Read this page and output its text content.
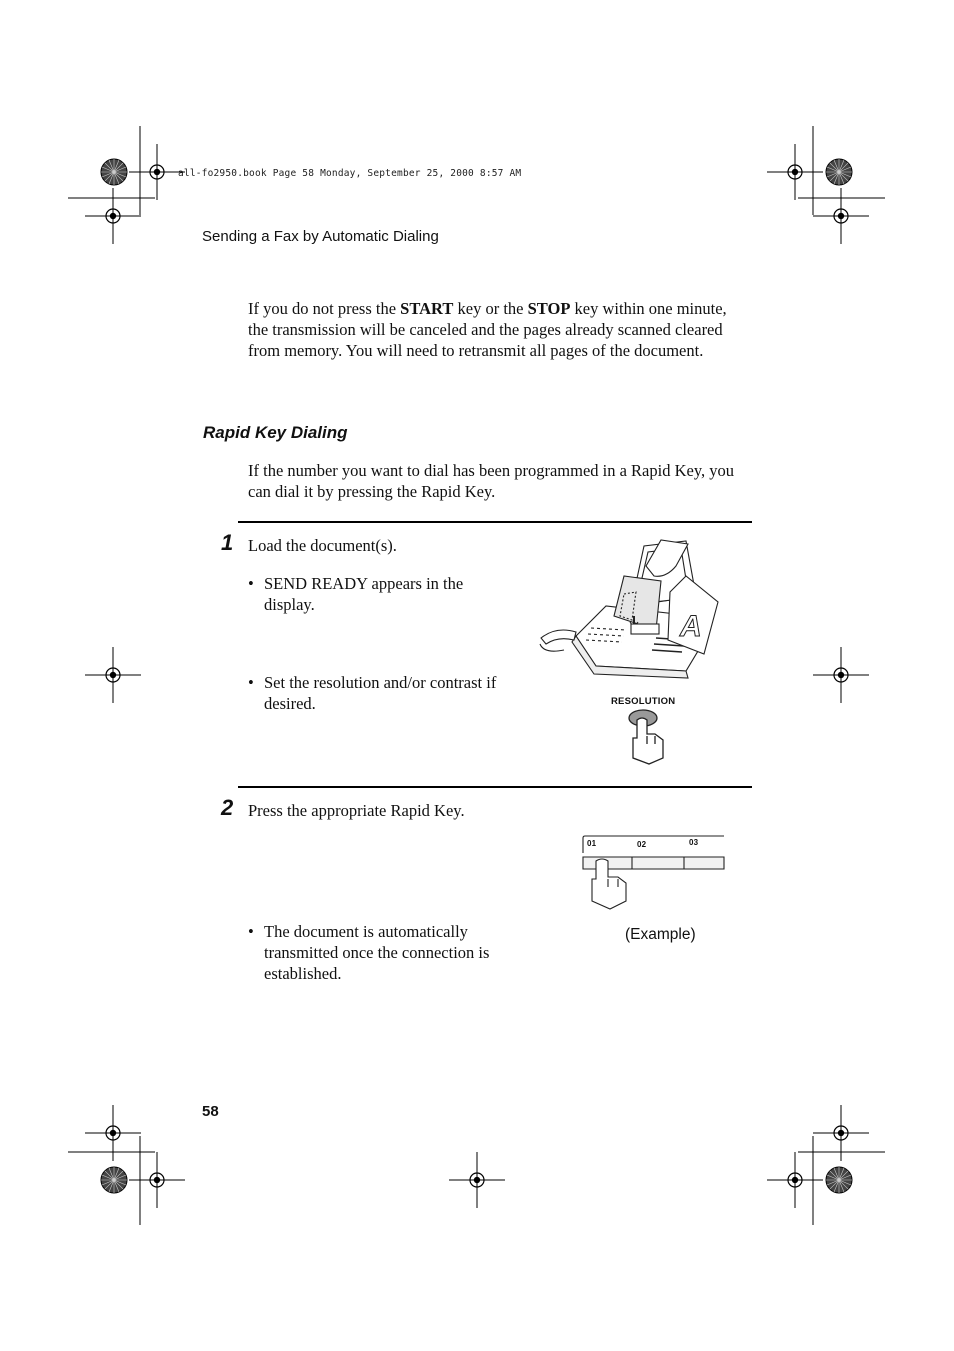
all-fo2950.book Page 58 Monday, September 25, 2000 8:57 AM
Sending a Fax by Automatic Dialing
If you do not press the START key or the STOP key within one minute, the transmission will be canceled and the pages already scanned cleared from memory. You will need to retransmit all pages of the document.
Rapid Key Dialing
If the number you want to dial has been programmed in a Rapid Key, you can dial it by pressing the Rapid Key.
1 Load the document(s).
• SEND READY appears in the display.
• Set the resolution and/or contrast if desired.
A
RESOLUTION
2 Press the appropriate Rapid Key.
• The document is automatically transmitted once the connection is established.
01	02	03
(Example)
58
